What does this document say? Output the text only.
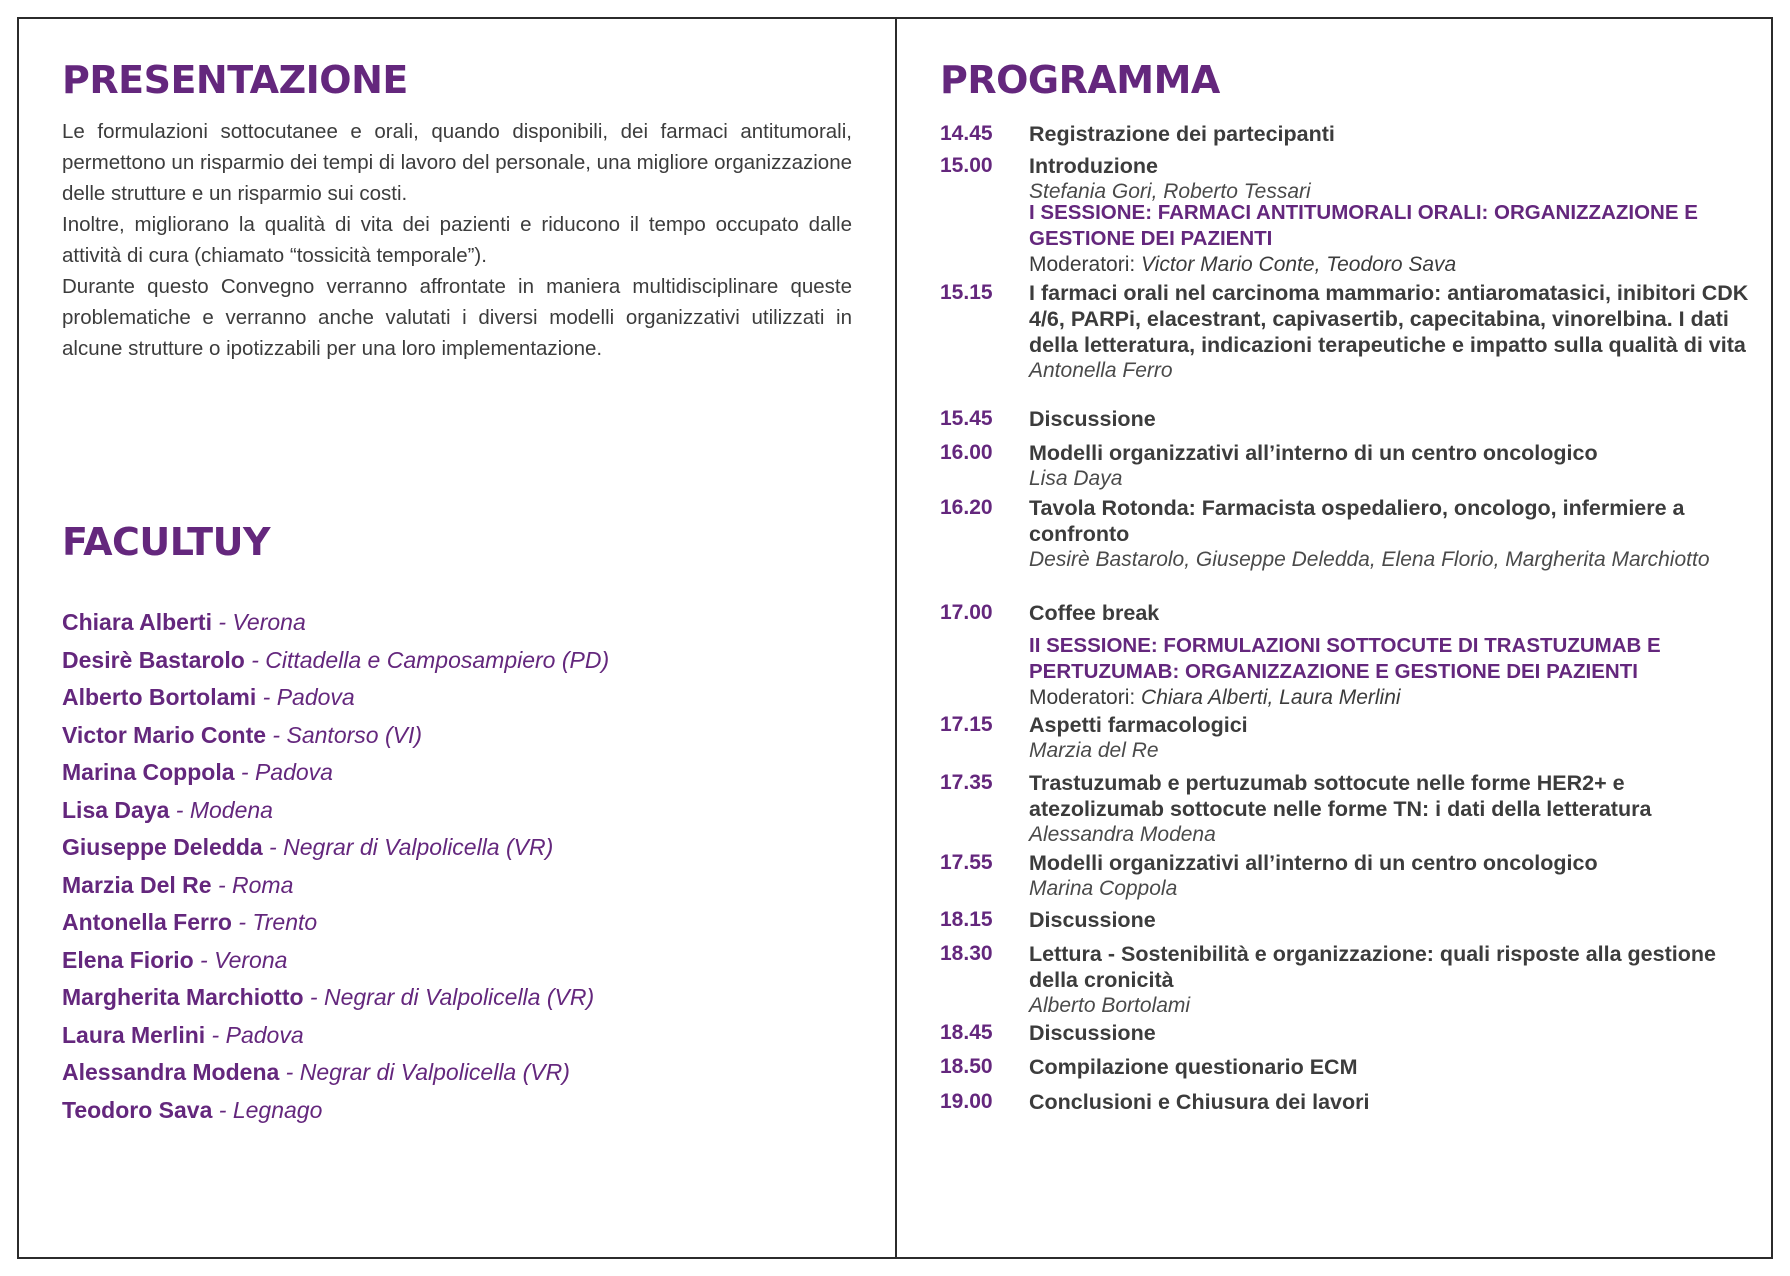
PRESENTAZIONE

Le formulazioni sottocutanee e orali, quando disponibili, dei farmaci antitumorali, permettono un risparmio dei tempi di lavoro del personale, una migliore organizzazione delle strutture e un risparmio sui costi.

Inoltre, migliorano la qualità di vita dei pazienti e riducono il tempo occupato dalle attività di cura (chiamato “tossicità temporale”).

Durante questo Convegno verranno affrontate in maniera multidisciplinare queste problematiche e verranno anche valutati i diversi modelli organizzativi utilizzati in alcune strutture o ipotizzabili per una loro implementazione.

FACULTUY
Chiara Alberti - Verona
Desirè Bastarolo - Cittadella e Camposampiero (PD)
Alberto Bortolami - Padova
Victor Mario Conte - Santorso (VI)
Marina Coppola - Padova
Lisa Daya - Modena
Giuseppe Deledda - Negrar di Valpolicella (VR)
Marzia Del Re - Roma
Antonella Ferro - Trento
Elena Fiorio - Verona
Margherita Marchiotto - Negrar di Valpolicella (VR)
Laura Merlini - Padova
Alessandra Modena - Negrar di Valpolicella (VR)
Teodoro Sava - Legnago
PROGRAMMA
14.45	Registrazione dei partecipanti
15.00	Introduzione
Stefania Gori, Roberto Tessari
I SESSIONE: FARMACI ANTITUMORALI ORALI: ORGANIZZAZIONE E GESTIONE DEI PAZIENTI
Moderatori: Victor Mario Conte, Teodoro Sava
15.15	I farmaci orali nel carcinoma mammario: antiaromatasici, inibitori CDK 4/6, PARPi, elacestrant, capivasertib, capecitabina, vinorelbina. I dati della letteratura, indicazioni terapeutiche e impatto sulla qualità di vita
Antonella Ferro
15.45	Discussione
16.00	Modelli organizzativi all’interno di un centro oncologico
Lisa Daya
16.20	Tavola Rotonda: Farmacista ospedaliero, oncologo, infermiere a confronto
Desirè Bastarolo, Giuseppe Deledda, Elena Florio, Margherita Marchiotto
17.00	Coffee break
II SESSIONE: FORMULAZIONI SOTTOCUTE DI TRASTUZUMAB E PERTUZUMAB: ORGANIZZAZIONE E GESTIONE DEI PAZIENTI
Moderatori: Chiara Alberti, Laura Merlini
17.15	Aspetti farmacologici
Marzia del Re
17.35	Trastuzumab e pertuzumab sottocute nelle forme HER2+ e atezolizumab sottocute nelle forme TN: i dati della letteratura
Alessandra Modena
17.55	Modelli organizzativi all’interno di un centro oncologico
Marina Coppola
18.15	Discussione
18.30	Lettura - Sostenibilità e organizzazione: quali risposte alla gestione della cronicità
Alberto Bortolami
18.45	Discussione
18.50	Compilazione questionario ECM
19.00	Conclusioni e Chiusura dei lavori
